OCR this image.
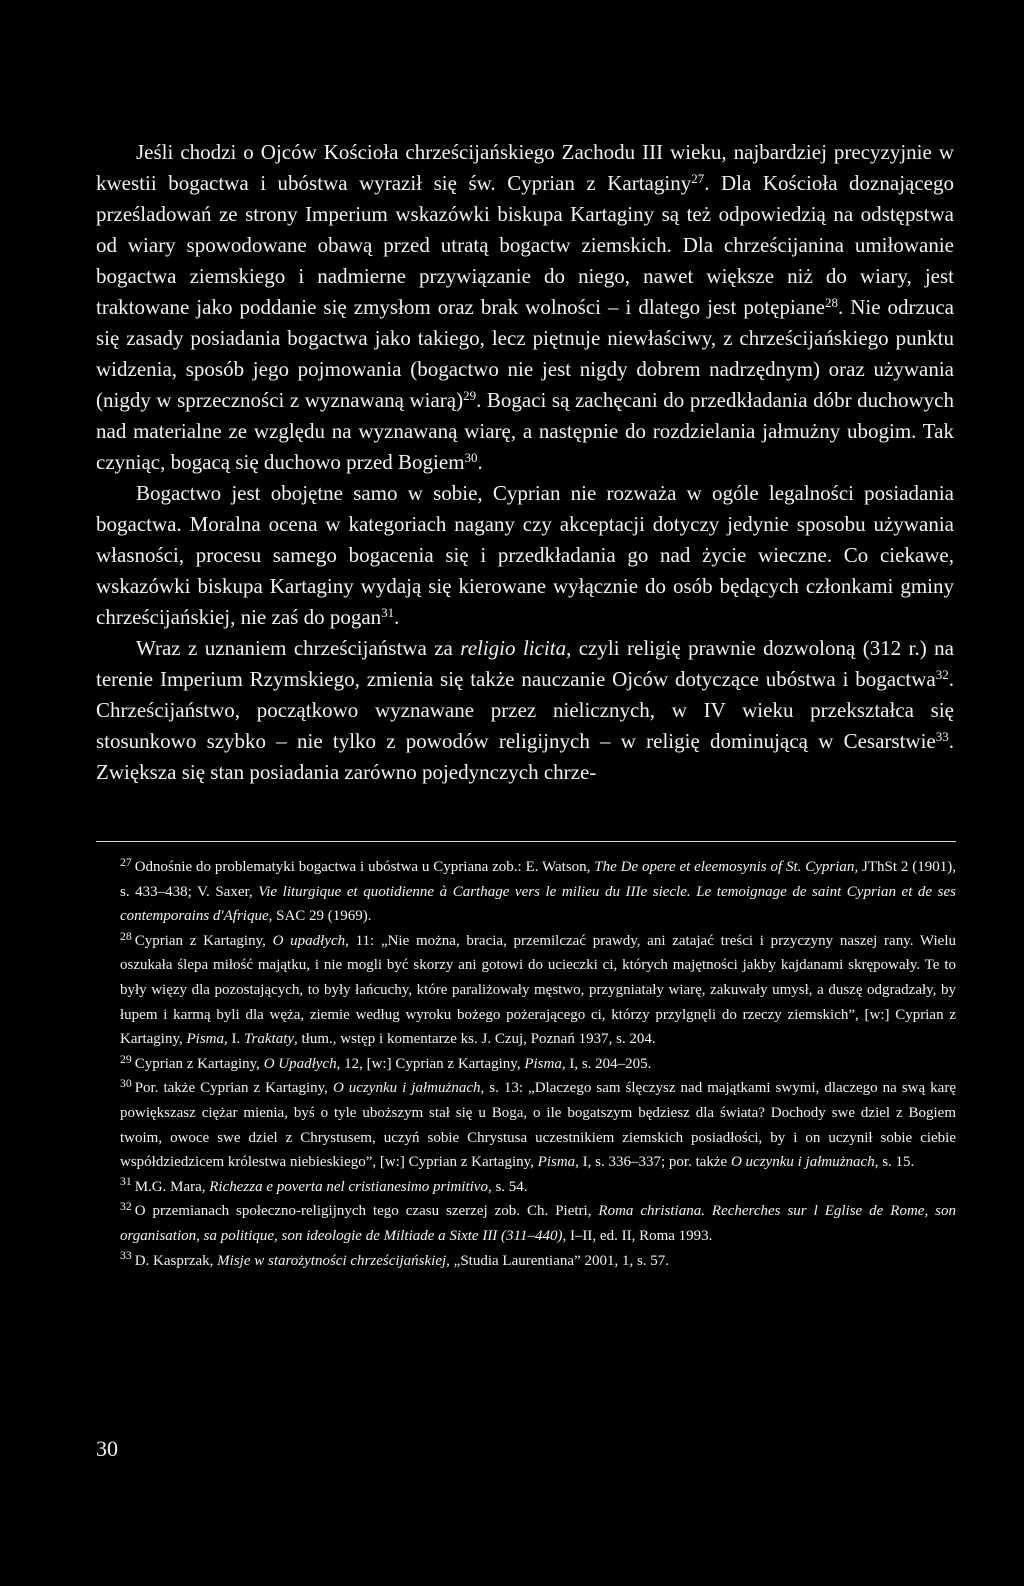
Jeśli chodzi o Ojców Kościoła chrześcijańskiego Zachodu III wieku, najbardziej precyzyjnie w kwestii bogactwa i ubóstwa wyraził się św. Cyprian z Kartaginy$^{27}$. Dla Kościoła doznającego prześladowań ze strony Imperium wskazówki biskupa Kartaginy są też odpowiedzią na odstępstwa od wiary spowodowane obawą przed utratą bogactw ziemskich. Dla chrześcijanina umiłowanie bogactwa ziemskiego i nadmierne przywiązanie do niego, nawet większe niż do wiary, jest traktowane jako poddanie się zmysłom oraz brak wolności – i dlatego jest potępiane$^{28}$. Nie odrzuca się zasady posiadania bogactwa jako takiego, lecz piętnuje niewłaściwy, z chrześcijańskiego punktu widzenia, sposób jego pojmowania (bogactwo nie jest nigdy dobrem nadrzędnym) oraz używania (nigdy w sprzeczności z wyznawaną wiarą)$^{29}$. Bogaci są zachęcani do przedkładania dóbr duchowych nad materialne ze względu na wyznawaną wiarę, a następnie do rozdzielania jałmużny ubogim. Tak czyniąc, bogacą się duchowo przed Bogiem$^{30}$.

Bogactwo jest obojętne samo w sobie, Cyprian nie rozważa w ogóle legalności posiadania bogactwa. Moralna ocena w kategoriach nagany czy akceptacji dotyczy jedynie sposobu używania własności, procesu samego bogacenia się i przedkładania go nad życie wieczne. Co ciekawe, wskazówki biskupa Kartaginy wydają się kierowane wyłącznie do osób będących członkami gminy chrześcijańskiej, nie zaś do pogan$^{31}$.

Wraz z uznaniem chrześcijaństwa za religio licita, czyli religię prawnie dozwoloną (312 r.) na terenie Imperium Rzymskiego, zmienia się także nauczanie Ojców dotyczące ubóstwa i bogactwa$^{32}$. Chrześcijaństwo, początkowo wyznawane przez nielicznych, w IV wieku przekształca się stosunkowo szybko – nie tylko z powodów religijnych – w religię dominującą w Cesarstwie$^{33}$. Zwiększa się stan posiadania zarówno pojedynczych chrze-

$^{27}$ Odnośnie do problematyki bogactwa i ubóstwa u Cypriana zob.: E. Watson, The De opere et eleemosynis of St. Cyprian, JThSt 2 (1901), s. 433–438; V. Saxer, Vie liturgique et quotidienne à Carthage vers le milieu du IIIe siecle. Le temoignage de saint Cyprian et de ses contemporains d'Afrique, SAC 29 (1969).

$^{28}$ Cyprian z Kartaginy, O upadłych, 11: „Nie można, bracia, przemilczać prawdy, ani zatajać treści i przyczyny naszej rany. Wielu oszukała ślepa miłość majątku, i nie mogli być skorzy ani gotowi do ucieczki ci, których majętności jakby kajdanami skrępowały. Te to były więzy dla pozostających, to były łańcuchy, które paraliżowały męstwo, przygniatały wiarę, zakuwały umysł, a duszę odgradzały, by łupem i karmą byli dla węża, ziemie według wyroku bożego pożerającego ci, którzy przylgnęli do rzeczy ziemskich”, [w:] Cyprian z Kartaginy, Pisma, I. Traktaty, tłum., wstęp i komentarze ks. J. Czuj, Poznań 1937, s. 204.

$^{29}$ Cyprian z Kartaginy, O Upadłych, 12, [w:] Cyprian z Kartaginy, Pisma, I, s. 204–205.

$^{30}$ Por. także Cyprian z Kartaginy, O uczynku i jałmużnach, s. 13: „Dlaczego sam ślęczysz nad majątkami swymi, dlaczego na swą karę powiększasz ciężar mienia, byś o tyle uboższym stał się u Boga, o ile bogatszym będziesz dla świata? Dochody swe dziel z Bogiem twoim, owoce swe dziel z Chrystusem, uczyń sobie Chrystusa uczestnikiem ziemskich posiadłości, by i on uczynił sobie ciebie współdziedzicem królestwa niebieskiego”, [w:] Cyprian z Kartaginy, Pisma, I, s. 336–337; por. także O uczynku i jałmużnach, s. 15.

$^{31}$ M.G. Mara, Richezza e poverta nel cristianesimo primitivo, s. 54.

$^{32}$ O przemianach społeczno-religijnych tego czasu szerzej zob. Ch. Pietri, Roma christiana. Recherches sur l Eglise de Rome, son organisation, sa politique, son ideologie de Miltiade a Sixte III (311–440), I–II, ed. II, Roma 1993.

$^{33}$ D. Kasprzak, Misje w starożytności chrześcijańskiej, „Studia Laurentiana” 2001, 1, s. 57.

30
